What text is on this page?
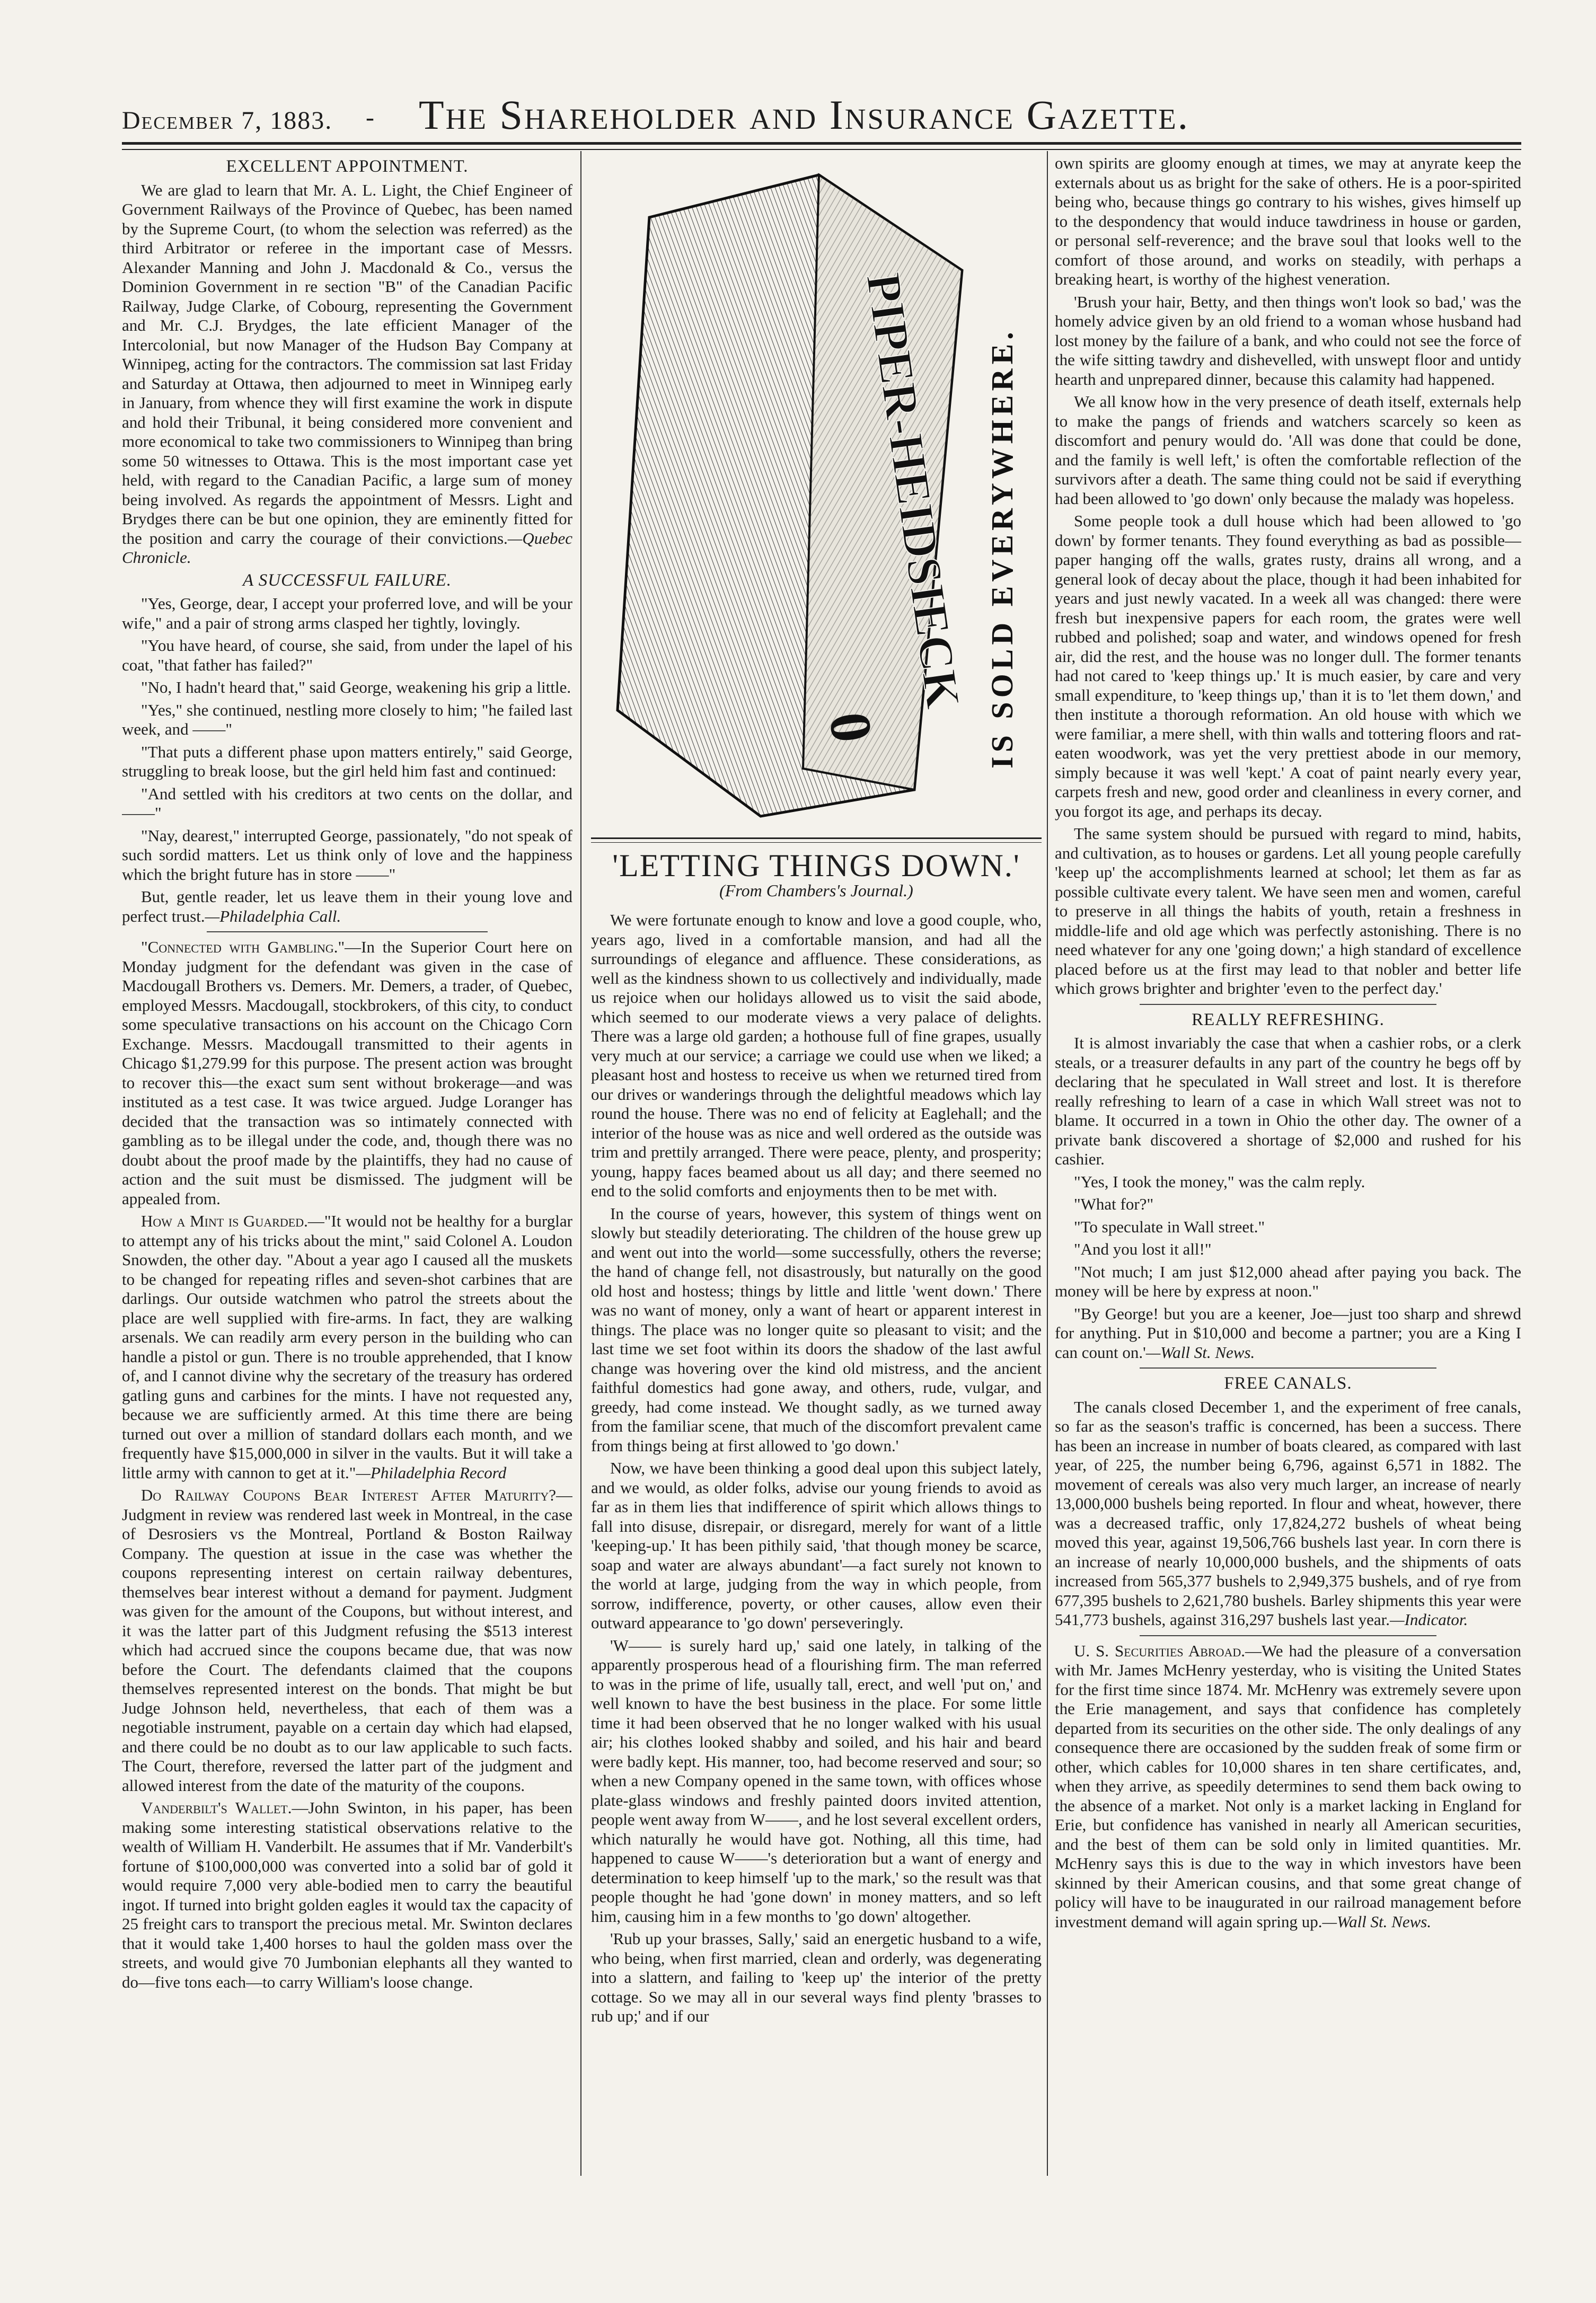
December 7, 1883. - The Shareholder and Insurance Gazette.
EXCELLENT APPOINTMENT.

We are glad to learn that Mr. A. L. Light, the Chief Engineer of Government Railways of the Province of Quebec, has been named by the Supreme Court, (to whom the selection was referred) as the third Arbitrator or referee in the important case of Messrs. Alexander Manning and John J. Macdonald & Co., versus the Dominion Government in re section "B" of the Canadian Pacific Railway, Judge Clarke, of Cobourg, representing the Government and Mr. C.J. Brydges, the late efficient Manager of the Intercolonial, but now Manager of the Hudson Bay Company at Winnipeg, acting for the contractors. The commission sat last Friday and Saturday at Ottawa, then adjourned to meet in Winnipeg early in January, from whence they will first examine the work in dispute and hold their Tribunal, it being considered more convenient and more economical to take two commissioners to Winnipeg than bring some 50 witnesses to Ottawa. This is the most important case yet held, with regard to the Canadian Pacific, a large sum of money being involved. As regards the appointment of Messrs. Light and Brydges there can be but one opinion, they are eminently fitted for the position and carry the courage of their convictions.—Quebec Chronicle.

A SUCCESSFUL FAILURE.

"Yes, George, dear, I accept your proferred love, and will be your wife," and a pair of strong arms clasped her tightly, lovingly.

"You have heard, of course, she said, from under the lapel of his coat, "that father has failed?"

"No, I hadn't heard that," said George, weakening his grip a little.

"Yes," she continued, nestling more closely to him; "he failed last week, and ——"

"That puts a different phase upon matters entirely," said George, struggling to break loose, but the girl held him fast and continued:

"And settled with his creditors at two cents on the dollar, and ——"

"Nay, dearest," interrupted George, passionately, "do not speak of such sordid matters. Let us think only of love and the happiness which the bright future has in store ——"

But, gentle reader, let us leave them in their young love and perfect trust.—Philadelphia Call.

"Connected with Gambling."—In the Superior Court here on Monday judgment for the defendant was given in the case of Macdougall Brothers vs. Demers. Mr. Demers, a trader, of Quebec, employed Messrs. Macdougall, stockbrokers, of this city, to conduct some speculative transactions on his account on the Chicago Corn Exchange. Messrs. Macdougall transmitted to their agents in Chicago $1,279.99 for this purpose. The present action was brought to recover this—the exact sum sent without brokerage—and was instituted as a test case. It was twice argued. Judge Loranger has decided that the transaction was so intimately connected with gambling as to be illegal under the code, and, though there was no doubt about the proof made by the plaintiffs, they had no cause of action and the suit must be dismissed. The judgment will be appealed from.

How a Mint is Guarded.—"It would not be healthy for a burglar to attempt any of his tricks about the mint," said Colonel A. Loudon Snowden, the other day. "About a year ago I caused all the muskets to be changed for repeating rifles and seven-shot carbines that are darlings. Our outside watchmen who patrol the streets about the place are well supplied with fire-arms. In fact, they are walking arsenals. We can readily arm every person in the building who can handle a pistol or gun. There is no trouble apprehended, that I know of, and I cannot divine why the secretary of the treasury has ordered gatling guns and carbines for the mints. I have not requested any, because we are sufficiently armed. At this time there are being turned out over a million of standard dollars each month, and we frequently have $15,000,000 in silver in the vaults. But it will take a little army with cannon to get at it."—Philadelphia Record

Do Railway Coupons Bear Interest After Maturity?—Judgment in review was rendered last week in Montreal, in the case of Desrosiers vs the Montreal, Portland & Boston Railway Company. The question at issue in the case was whether the coupons representing interest on certain railway debentures, themselves bear interest without a demand for payment. Judgment was given for the amount of the Coupons, but without interest, and it was the latter part of this Judgment refusing the $513 interest which had accrued since the coupons became due, that was now before the Court. The defendants claimed that the coupons themselves represented interest on the bonds. That might be but Judge Johnson held, nevertheless, that each of them was a negotiable instrument, payable on a certain day which had elapsed, and there could be no doubt as to our law applicable to such facts. The Court, therefore, reversed the latter part of the judgment and allowed interest from the date of the maturity of the coupons.

Vanderbilt's Wallet.—John Swinton, in his paper, has been making some interesting statistical observations relative to the wealth of William H. Vanderbilt. He assumes that if Mr. Vanderbilt's fortune of $100,000,000 was converted into a solid bar of gold it would require 7,000 very able-bodied men to carry the beautiful ingot. If turned into bright golden eagles it would tax the capacity of 25 freight cars to transport the precious metal. Mr. Swinton declares that it would take 1,400 horses to haul the golden mass over the streets, and would give 70 Jumbonian elephants all they wanted to do—five tons each—to carry William's loose change.

PIPER-HEIDSIECK
0	IS SOLD EVERYWHERE.
'LETTING THINGS DOWN.'
(From Chambers's Journal.)

We were fortunate enough to know and love a good couple, who, years ago, lived in a comfortable mansion, and had all the surroundings of elegance and affluence. These considerations, as well as the kindness shown to us collectively and individually, made us rejoice when our holidays allowed us to visit the said abode, which seemed to our moderate views a very palace of delights. There was a large old garden; a hothouse full of fine grapes, usually very much at our service; a carriage we could use when we liked; a pleasant host and hostess to receive us when we returned tired from our drives or wanderings through the delightful meadows which lay round the house. There was no end of felicity at Eaglehall; and the interior of the house was as nice and well ordered as the outside was trim and prettily arranged. There were peace, plenty, and prosperity; young, happy faces beamed about us all day; and there seemed no end to the solid comforts and enjoyments then to be met with.

In the course of years, however, this system of things went on slowly but steadily deteriorating. The children of the house grew up and went out into the world—some successfully, others the reverse; the hand of change fell, not disastrously, but naturally on the good old host and hostess; things by little and little 'went down.' There was no want of money, only a want of heart or apparent interest in things. The place was no longer quite so pleasant to visit; and the last time we set foot within its doors the shadow of the last awful change was hovering over the kind old mistress, and the ancient faithful domestics had gone away, and others, rude, vulgar, and greedy, had come instead. We thought sadly, as we turned away from the familiar scene, that much of the discomfort prevalent came from things being at first allowed to 'go down.'

Now, we have been thinking a good deal upon this subject lately, and we would, as older folks, advise our young friends to avoid as far as in them lies that indifference of spirit which allows things to fall into disuse, disrepair, or disregard, merely for want of a little 'keeping-up.' It has been pithily said, 'that though money be scarce, soap and water are always abundant'—a fact surely not known to the world at large, judging from the way in which people, from sorrow, indifference, poverty, or other causes, allow even their outward appearance to 'go down' perseveringly.

'W—— is surely hard up,' said one lately, in talking of the apparently prosperous head of a flourishing firm. The man referred to was in the prime of life, usually tall, erect, and well 'put on,' and well known to have the best business in the place. For some little time it had been observed that he no longer walked with his usual air; his clothes looked shabby and soiled, and his hair and beard were badly kept. His manner, too, had become reserved and sour; so when a new Company opened in the same town, with offices whose plate-glass windows and freshly painted doors invited attention, people went away from W——, and he lost several excellent orders, which naturally he would have got. Nothing, all this time, had happened to cause W——'s deterioration but a want of energy and determination to keep himself 'up to the mark,' so the result was that people thought he had 'gone down' in money matters, and so left him, causing him in a few months to 'go down' altogether.

'Rub up your brasses, Sally,' said an energetic husband to a wife, who being, when first married, clean and orderly, was degenerating into a slattern, and failing to 'keep up' the interior of the pretty cottage. So we may all in our several ways find plenty 'brasses to rub up;' and if our

own spirits are gloomy enough at times, we may at anyrate keep the externals about us as bright for the sake of others. He is a poor-spirited being who, because things go contrary to his wishes, gives himself up to the despondency that would induce tawdriness in house or garden, or personal self-reverence; and the brave soul that looks well to the comfort of those around, and works on steadily, with perhaps a breaking heart, is worthy of the highest veneration.

'Brush your hair, Betty, and then things won't look so bad,' was the homely advice given by an old friend to a woman whose husband had lost money by the failure of a bank, and who could not see the force of the wife sitting tawdry and dishevelled, with unswept floor and untidy hearth and unprepared dinner, because this calamity had happened.

We all know how in the very presence of death itself, externals help to make the pangs of friends and watchers scarcely so keen as discomfort and penury would do. 'All was done that could be done, and the family is well left,' is often the comfortable reflection of the survivors after a death. The same thing could not be said if everything had been allowed to 'go down' only because the malady was hopeless.

Some people took a dull house which had been allowed to 'go down' by former tenants. They found everything as bad as possible—paper hanging off the walls, grates rusty, drains all wrong, and a general look of decay about the place, though it had been inhabited for years and just newly vacated. In a week all was changed: there were fresh but inexpensive papers for each room, the grates were well rubbed and polished; soap and water, and windows opened for fresh air, did the rest, and the house was no longer dull. The former tenants had not cared to 'keep things up.' It is much easier, by care and very small expenditure, to 'keep things up,' than it is to 'let them down,' and then institute a thorough reformation. An old house with which we were familiar, a mere shell, with thin walls and tottering floors and rat-eaten woodwork, was yet the very prettiest abode in our memory, simply because it was well 'kept.' A coat of paint nearly every year, carpets fresh and new, good order and cleanliness in every corner, and you forgot its age, and perhaps its decay.

The same system should be pursued with regard to mind, habits, and cultivation, as to houses or gardens. Let all young people carefully 'keep up' the accomplishments learned at school; let them as far as possible cultivate every talent. We have seen men and women, careful to preserve in all things the habits of youth, retain a freshness in middle-life and old age which was perfectly astonishing. There is no need whatever for any one 'going down;' a high standard of excellence placed before us at the first may lead to that nobler and better life which grows brighter and brighter 'even to the perfect day.'

REALLY REFRESHING.

It is almost invariably the case that when a cashier robs, or a clerk steals, or a treasurer defaults in any part of the country he begs off by declaring that he speculated in Wall street and lost. It is therefore really refreshing to learn of a case in which Wall street was not to blame. It occurred in a town in Ohio the other day. The owner of a private bank discovered a shortage of $2,000 and rushed for his cashier.

"Yes, I took the money," was the calm reply.

"What for?"

"To speculate in Wall street."

"And you lost it all!"

"Not much; I am just $12,000 ahead after paying you back. The money will be here by express at noon."

"By George! but you are a keener, Joe—just too sharp and shrewd for anything. Put in $10,000 and become a partner; you are a King I can count on.'—Wall St. News.

FREE CANALS.

The canals closed December 1, and the experiment of free canals, so far as the season's traffic is concerned, has been a success. There has been an increase in number of boats cleared, as compared with last year, of 225, the number being 6,796, against 6,571 in 1882. The movement of cereals was also very much larger, an increase of nearly 13,000,000 bushels being reported. In flour and wheat, however, there was a decreased traffic, only 17,824,272 bushels of wheat being moved this year, against 19,506,766 bushels last year. In corn there is an increase of nearly 10,000,000 bushels, and the shipments of oats increased from 565,377 bushels to 2,949,375 bushels, and of rye from 677,395 bushels to 2,621,780 bushels. Barley shipments this year were 541,773 bushels, against 316,297 bushels last year.—Indicator.

U. S. Securities Abroad.—We had the pleasure of a conversation with Mr. James McHenry yesterday, who is visiting the United States for the first time since 1874. Mr. McHenry was extremely severe upon the Erie management, and says that confidence has completely departed from its securities on the other side. The only dealings of any consequence there are occasioned by the sudden freak of some firm or other, which cables for 10,000 shares in ten share certificates, and, when they arrive, as speedily determines to send them back owing to the absence of a market. Not only is a market lacking in England for Erie, but confidence has vanished in nearly all American securities, and the best of them can be sold only in limited quantities. Mr. McHenry says this is due to the way in which investors have been skinned by their American cousins, and that some great change of policy will have to be inaugurated in our railroad management before investment demand will again spring up.—Wall St. News.
